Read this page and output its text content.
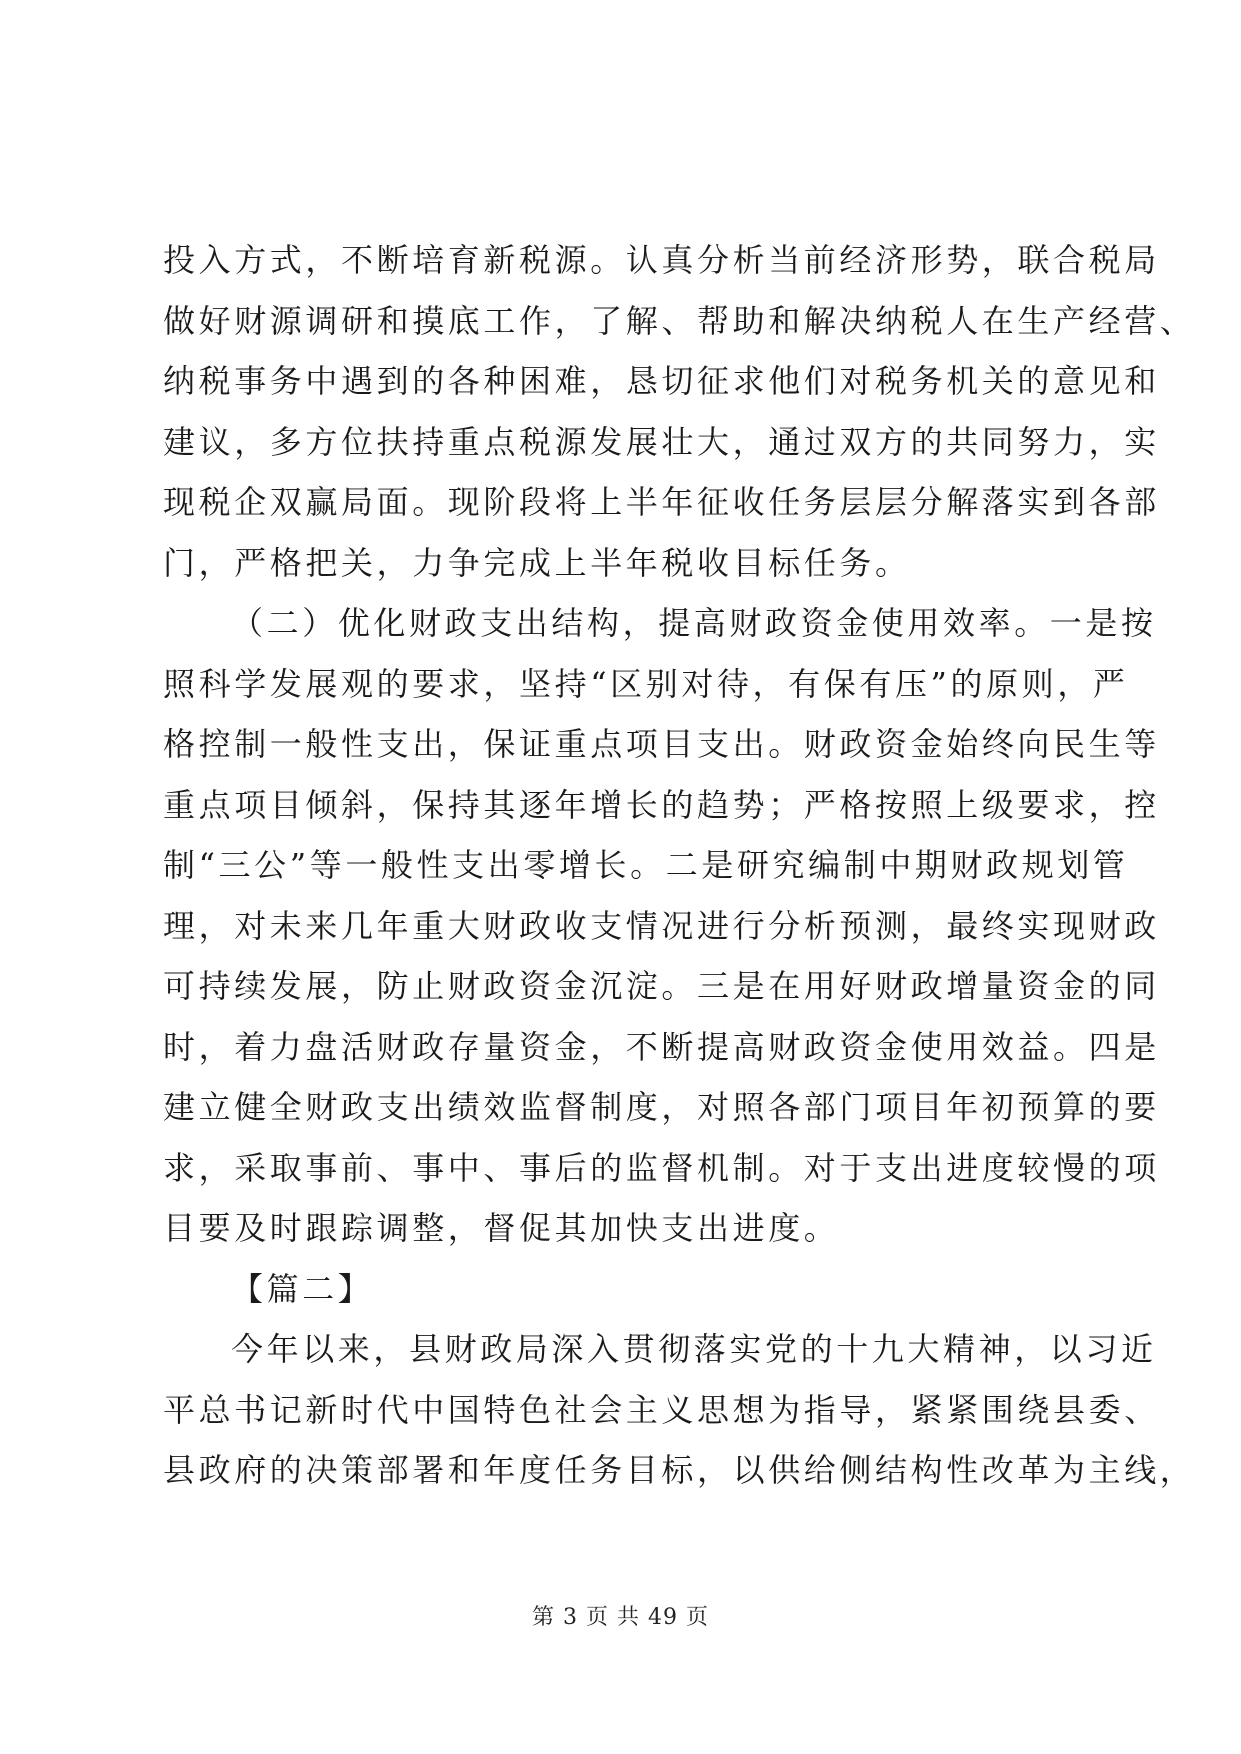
投入方式，不断培育新税源。认真分析当前经济形势，联合税局
做好财源调研和摸底工作，了解、帮助和解决纳税人在生产经营、
纳税事务中遇到的各种困难，恳切征求他们对税务机关的意见和
建议，多方位扶持重点税源发展壮大，通过双方的共同努力，实
现税企双赢局面。现阶段将上半年征收任务层层分解落实到各部
门，严格把关，力争完成上半年税收目标任务。
（二）优化财政支出结构，提高财政资金使用效率。一是按
照科学发展观的要求，坚持“区别对待，有保有压”的原则，严
格控制一般性支出，保证重点项目支出。财政资金始终向民生等
重点项目倾斜，保持其逐年增长的趋势；严格按照上级要求，控
制“三公”等一般性支出零增长。二是研究编制中期财政规划管
理，对未来几年重大财政收支情况进行分析预测，最终实现财政
可持续发展，防止财政资金沉淀。三是在用好财政增量资金的同
时，着力盘活财政存量资金，不断提高财政资金使用效益。四是
建立健全财政支出绩效监督制度，对照各部门项目年初预算的要
求，采取事前、事中、事后的监督机制。对于支出进度较慢的项
目要及时跟踪调整，督促其加快支出进度。
【篇二】
今年以来，县财政局深入贯彻落实党的十九大精神，以习近
平总书记新时代中国特色社会主义思想为指导，紧紧围绕县委、
县政府的决策部署和年度任务目标，以供给侧结构性改革为主线，
第 3 页 共 49 页
